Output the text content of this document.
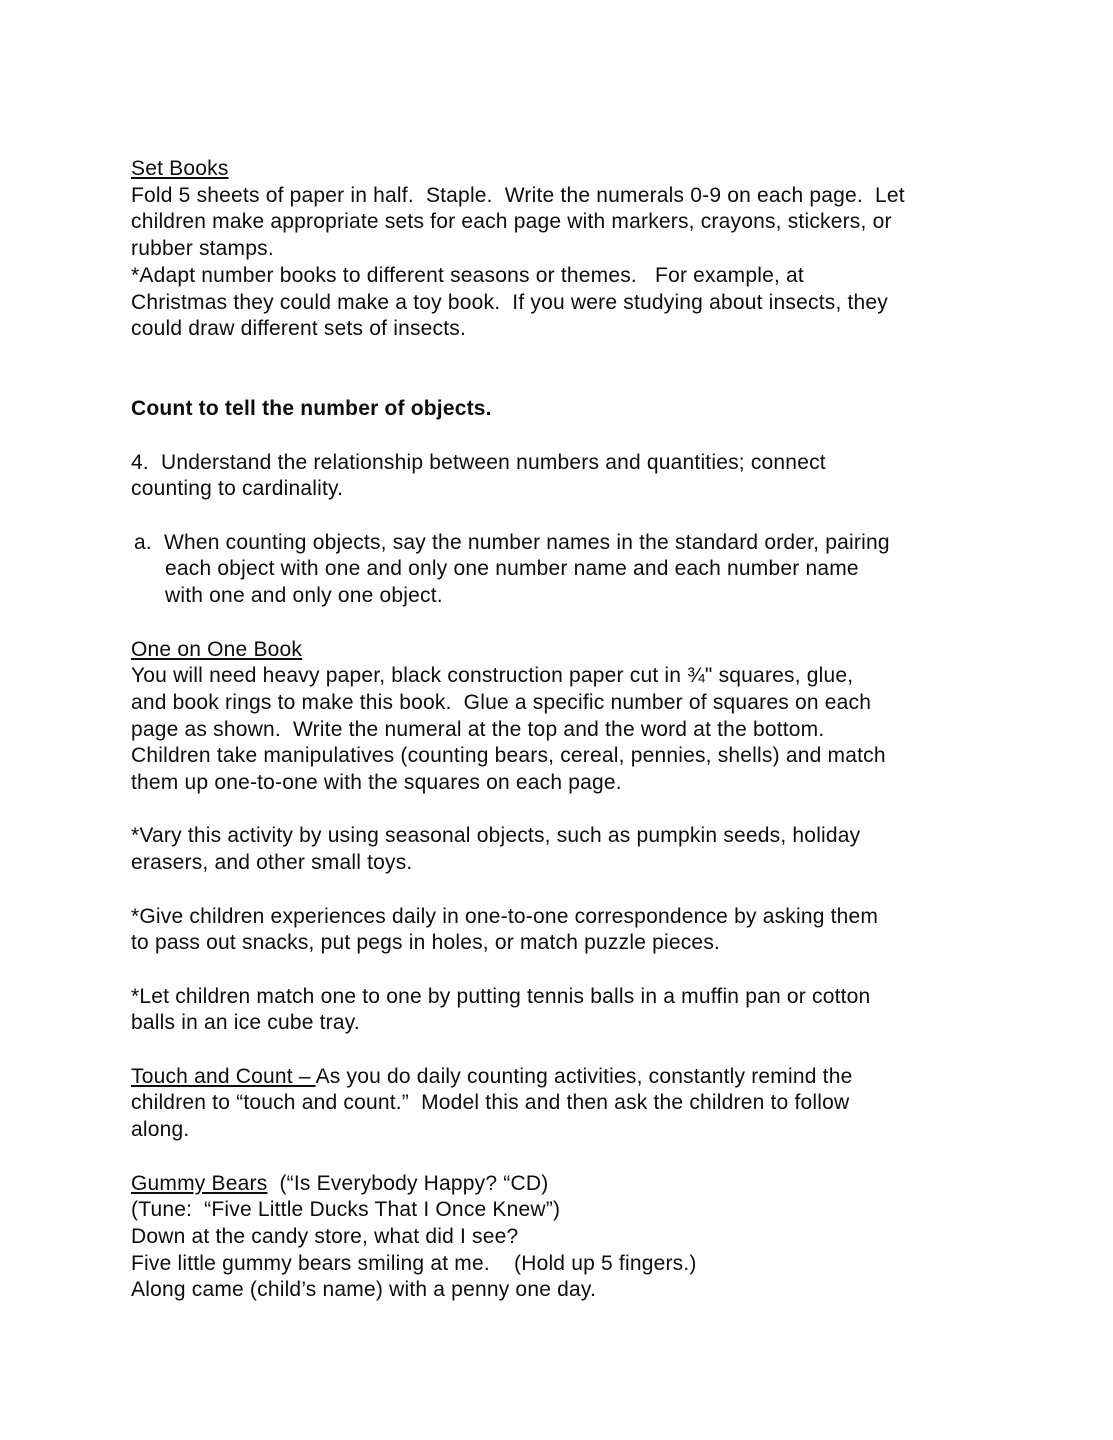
Set Books
Fold 5 sheets of paper in half.  Staple.  Write the numerals 0-9 on each page.  Let
children make appropriate sets for each page with markers, crayons, stickers, or
rubber stamps.
*Adapt number books to different seasons or themes.   For example, at
Christmas they could make a toy book.  If you were studying about insects, they
could draw different sets of insects.
Count to tell the number of objects.
4.  Understand the relationship between numbers and quantities; connect
counting to cardinality.
a.  When counting objects, say the number names in the standard order, pairing
each object with one and only one number name and each number name
with one and only one object.
One on One Book
You will need heavy paper, black construction paper cut in ¾" squares, glue,
and book rings to make this book.  Glue a specific number of squares on each
page as shown.  Write the numeral at the top and the word at the bottom.
Children take manipulatives (counting bears, cereal, pennies, shells) and match
them up one-to-one with the squares on each page.
*Vary this activity by using seasonal objects, such as pumpkin seeds, holiday
erasers, and other small toys.
*Give children experiences daily in one-to-one correspondence by asking them
to pass out snacks, put pegs in holes, or match puzzle pieces.
*Let children match one to one by putting tennis balls in a muffin pan or cotton
balls in an ice cube tray.
Touch and Count – As you do daily counting activities, constantly remind the
children to “touch and count.”  Model this and then ask the children to follow
along.
Gummy Bears  (“Is Everybody Happy? “CD)
(Tune:  “Five Little Ducks That I Once Knew”)
Down at the candy store, what did I see?
Five little gummy bears smiling at me.    (Hold up 5 fingers.)
Along came (child’s name) with a penny one day.
